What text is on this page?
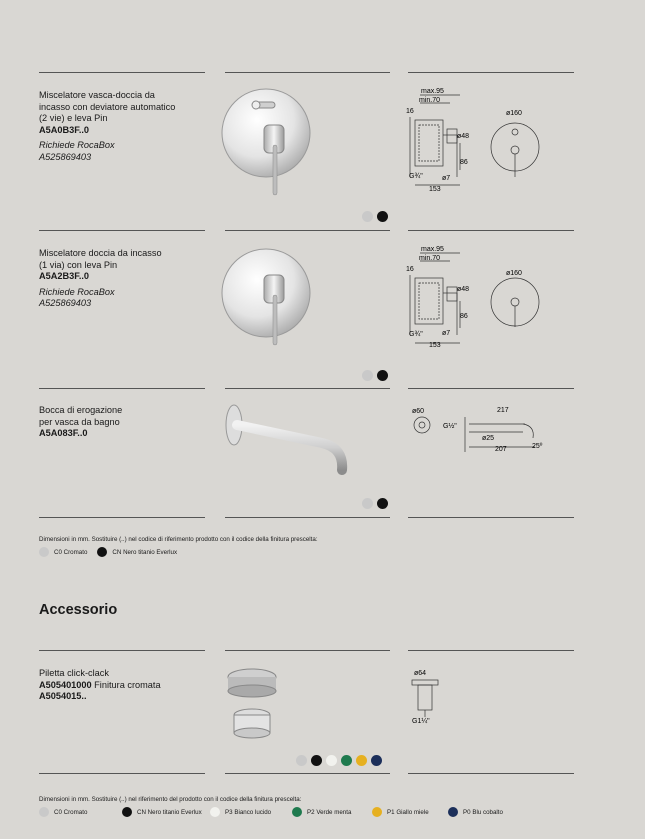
Miscelatore vasca-doccia da
incasso con deviatore automatico
(2 vie) e leva Pin
A5A0B3F..0
Richiede RocaBox
A525869403
max.95
min.70
16
ø48
86
ø7
G¾"
153
ø160
Miscelatore doccia da incasso
(1 via) con leva Pin
A5A2B3F..0
Richiede RocaBox
A525869403
max.95
min.70
16
ø48
86
ø7
G¾"
153
ø160
Bocca di erogazione
per vasca da bagno
A5A083F..0
ø60	217
G½"
ø25
207	25º
Dimensioni in mm. Sostituire (..) nel codice di riferimento prodotto con il codice della finitura prescelta:
C0
Cromato	CN
Nero titanio Everlux
Accessorio
Piletta click-clack
A505401000 Finitura cromata
A5054015..
ø64
G1¼"
Dimensioni in mm. Sostituire (..) nel riferimento del prodotto con il codice della finitura prescelta:
C0
Cromato	CN
Nero titanio Everlux	P3
Bianco lucido	P2
Verde menta	P1
Giallo miele	P0
Blu cobalto
